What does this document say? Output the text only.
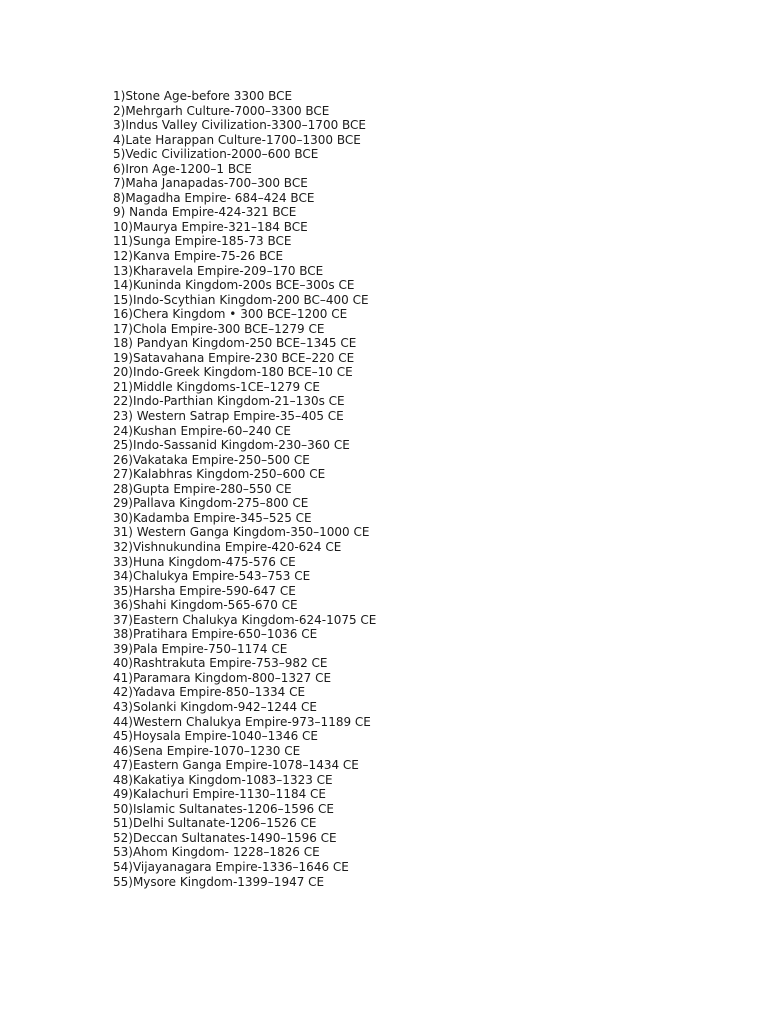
1)Stone Age-before 3300 BCE
2)Mehrgarh Culture-7000–3300 BCE
3)Indus Valley Civilization-3300–1700 BCE
4)Late Harappan Culture-1700–1300 BCE
5)Vedic Civilization-2000–600 BCE
6)Iron Age-1200–1 BCE
7)Maha Janapadas-700–300 BCE
8)Magadha Empire- 684–424 BCE
9) Nanda Empire-424-321 BCE
10)Maurya Empire-321–184 BCE
11)Sunga Empire-185-73 BCE
12)Kanva Empire-75-26 BCE
13)Kharavela Empire-209–170 BCE
14)Kuninda Kingdom-200s BCE–300s CE
15)Indo-Scythian Kingdom-200 BC–400 CE
16)Chera Kingdom • 300 BCE–1200 CE
17)Chola Empire-300 BCE–1279 CE
18) Pandyan Kingdom-250 BCE–1345 CE
19)Satavahana Empire-230 BCE–220 CE
20)Indo-Greek Kingdom-180 BCE–10 CE
21)Middle Kingdoms-1CE–1279 CE
22)Indo-Parthian Kingdom-21–130s CE
23) Western Satrap Empire-35–405 CE
24)Kushan Empire-60–240 CE
25)Indo-Sassanid Kingdom-230–360 CE
26)Vakataka Empire-250–500 CE
27)Kalabhras Kingdom-250–600 CE
28)Gupta Empire-280–550 CE
29)Pallava Kingdom-275–800 CE
30)Kadamba Empire-345–525 CE
31) Western Ganga Kingdom-350–1000 CE
32)Vishnukundina Empire-420-624 CE
33)Huna Kingdom-475-576 CE
34)Chalukya Empire-543–753 CE
35)Harsha Empire-590-647 CE
36)Shahi Kingdom-565-670 CE
37)Eastern Chalukya Kingdom-624-1075 CE
38)Pratihara Empire-650–1036 CE
39)Pala Empire-750–1174 CE
40)Rashtrakuta Empire-753–982 CE
41)Paramara Kingdom-800–1327 CE
42)Yadava Empire-850–1334 CE
43)Solanki Kingdom-942–1244 CE
44)Western Chalukya Empire-973–1189 CE
45)Hoysala Empire-1040–1346 CE
46)Sena Empire-1070–1230 CE
47)Eastern Ganga Empire-1078–1434 CE
48)Kakatiya Kingdom-1083–1323 CE
49)Kalachuri Empire-1130–1184 CE
50)Islamic Sultanates-1206–1596 CE
51)Delhi Sultanate-1206–1526 CE
52)Deccan Sultanates-1490–1596 CE
53)Ahom Kingdom- 1228–1826 CE
54)Vijayanagara Empire-1336–1646 CE
55)Mysore Kingdom-1399–1947 CE
